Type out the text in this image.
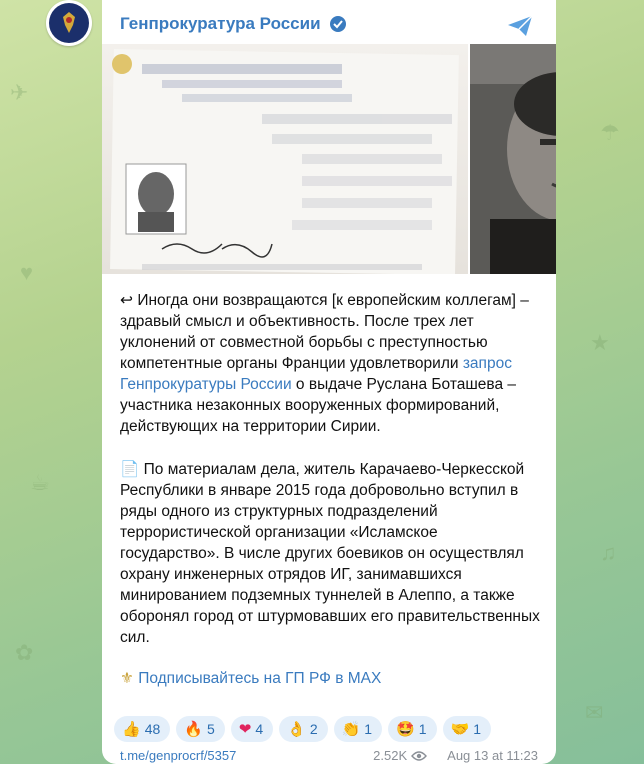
✈
☂
♥
★
☕
♫
✿
✉
Генпрокуратура России

↩ Иногда они возвращаются [к европейским коллегам] – здравый смысл и объективность. После трех лет уклонений от совместной борьбы с преступностью компетентные органы Франции удовлетворили запрос Генпрокуратуры России о выдаче Руслана Боташева – участника незаконных вооруженных формирований, действующих на территории Сирии.

📄 По материалам дела, житель Карачаево-Черкесской Республики в январе 2015 года добровольно вступил в ряды одного из структурных подразделений террористической организации «Исламское государство». В числе других боевиков он осуществлял охрану инженерных отрядов ИГ, занимавшихся минированием подземных туннелей в Алеппо, а также оборонял город от штурмовавших его правительственных сил.

⚜ Подписывайтесь на ГП РФ в MAX

👍 48 🔥 5 ❤ 4 👌 2 👏 1 🤩 1 🤝 1
t.me/genprocrf/5357	2.52K	Aug 13 at 11:23
